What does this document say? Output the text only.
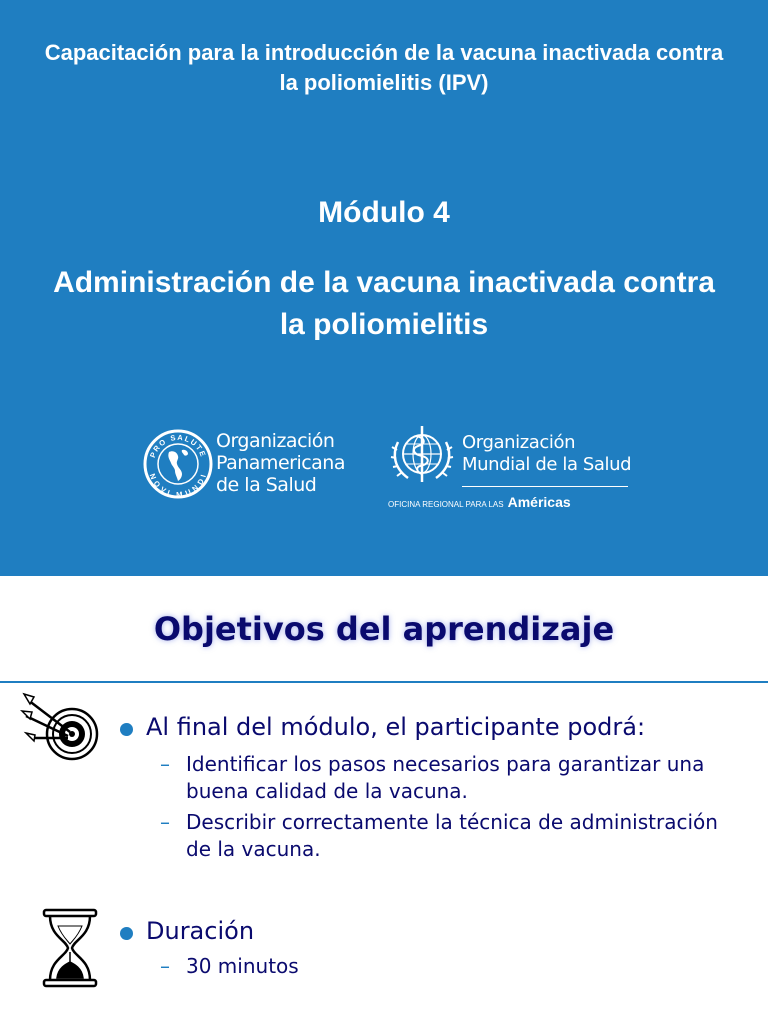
Capacitación para la introducción de la vacuna inactivada contra la poliomielitis (IPV)
Módulo 4
Administración de la vacuna inactivada contra la poliomielitis
PRO SALUTE
NOVI MUNDI
Organización
Panamericana
de la Salud
Organización
Mundial de la Salud
OFICINA REGIONAL PARA LAS Américas
Objetivos del aprendizaje
Al final del módulo, el participante podrá:
– Identificar los pasos necesarios para garantizar una buena calidad de la vacuna.
– Describir correctamente la técnica de administración de la vacuna.
Duración
– 30 minutos
